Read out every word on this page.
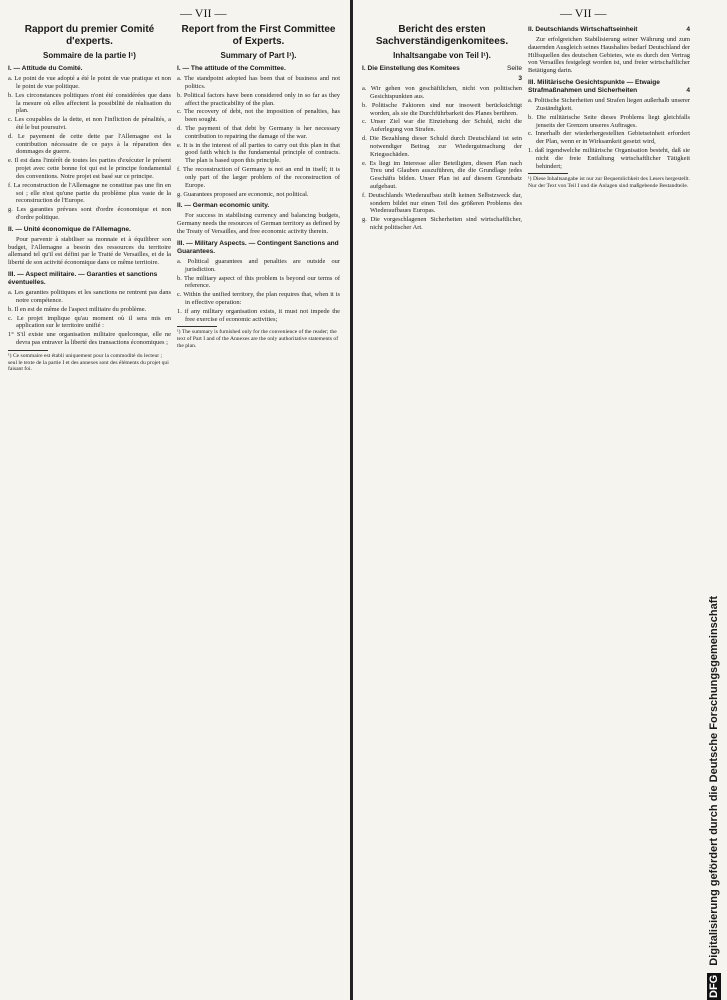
— VII —	— VII —
Rapport du premier Comité d'experts.
Sommaire de la partie I¹)
I. — Attitude du Comité.

a. Le point de vue adopté a été le point de vue pratique et non le point de vue politique.

b. Les circonstances politiques n'ont été considérées que dans la mesure où elles affectent la possibilité de réalisation du plan.

c. Les coupables de la dette, et non l'infliction de pénalités, a été le but poursuivi.

d. Le payement de cette dette par l'Allemagne est la contribution nécessaire de ce pays à la réparation des dommages de guerre.

e. Il est dans l'intérêt de toutes les parties d'exécuter le présent projet avec cette bonne foi qui est le principe fondamental des conventions. Notre projet est basé sur ce principe.

f. La reconstruction de l'Allemagne ne constitue pas une fin en soi ; elle n'est qu'une partie du problème plus vaste de la reconstruction de l'Europe.

g. Les garanties prévues sont d'ordre économique et non d'ordre politique.

II. — Unité économique de l'Allemagne.

Pour parvenir à stabiliser sa monnaie et à équilibrer son budget, l'Allemagne a besoin des ressources du territoire allemand tel qu'il est défini par le Traité de Versailles, et de la liberté de son activité économique dans ce même territoire.

III. — Aspect militaire. — Garanties et sanctions éventuelles.

a. Les garanties politiques et les sanctions ne rentrent pas dans notre compétence.

b. Il en est de même de l'aspect militaire du problème.

c. Le projet implique qu'au moment où il sera mis en application sur le territoire unifié :

1° S'il existe une organisation militaire quelconque, elle ne devra pas entraver la liberté des transactions économiques ;

¹) Ce sommaire est établi uniquement pour la commodité du lecteur ; seul le texte de la partie I et des annexes sont des éléments du projet qui faisant foi.

Report from the First Committee of Experts.
Summary of Part I¹).
I. — The attitude of the Committee.

a. The standpoint adopted has been that of business and not politics.

b. Political factors have been considered only in so far as they affect the practicability of the plan.

c. The recovery of debt, not the imposition of penalties, has been sought.

d. The payment of that debt by Germany is her necessary contribution to repairing the damage of the war.

e. It is in the interest of all parties to carry out this plan in that good faith which is the fundamental principle of contracts. The plan is based upon this principle.

f. The reconstruction of Germany is not an end in itself; it is only part of the larger problem of the reconstruction of Europe.

g. Guarantees proposed are economic, not political.

II. — German economic unity.

For success in stabilising currency and balancing budgets, Germany needs the resources of German territory as defined by the Treaty of Versailles, and free economic activity therein.

III. — Military Aspects. — Contingent Sanctions and Guarantees.

a. Political guarantees and penalties are outside our jurisdiction.

b. The military aspect of this problem is beyond our terms of reference.

c. Within the unified territory, the plan requires that, when it is in effective operation:

1. if any military organisation exists, it must not impede the free exercise of economic activities;

¹) The summary is furnished only for the convenience of the reader; the text of Part I and of the Annexes are the only authoritative statements of the plan.

Bericht des ersten Sachverständigenkomitees.
Inhaltsangabe von Teil I¹).
I. Die Einstellung des Komitees	Seite
3

a. Wir gehen von geschäftlichen, nicht von politischen Gesichtspunkten aus.

b. Politische Faktoren sind nur insoweit berücksichtigt worden, als sie die Durchführbarkeit des Planes berühren.

c. Unser Ziel war die Einziehung der Schuld, nicht die Auferlegung von Strafen.

d. Die Bezahlung dieser Schuld durch Deutschland ist sein notwendiger Beitrag zur Wiedergutmachung der Kriegsschäden.

e. Es liegt im Interesse aller Beteiligten, diesen Plan nach Treu und Glauben auszuführen, die die Grundlage jedes Geschäfts bilden. Unser Plan ist auf diesem Grundsatz aufgebaut.

f. Deutschlands Wiederaufbau stellt keinen Selbstzweck dar, sondern bildet nur einen Teil des größeren Problems des Wiederaufbaues Europas.

g. Die vorgeschlagenen Sicherheiten sind wirtschaftlicher, nicht politischer Art.

II. Deutschlands Wirtschaftseinheit	4

Zur erfolgreichen Stabilisierung seiner Währung und zum dauernden Ausgleich seines Haushaltes bedarf Deutschland der Hilfsquellen des deutschen Gebietes, wie es durch den Vertrag von Versailles festgelegt worden ist, und freier wirtschaftlicher Betätigung darin.

III. Militärische Gesichtspunkte — Etwaige Strafmaßnahmen und Sicherheiten	4

a. Politische Sicherheiten und Strafen liegen außerhalb unserer Zuständigkeit.

b. Die militärische Seite dieses Problems liegt gleichfalls jenseits der Grenzen unseres Auftrages.

c. Innerhalb der wiederhergestellten Gebietseinheit erfordert der Plan, wenn er in Wirksamkeit gesetzt wird,

1. daß irgendwelche militärische Organisation besteht, daß sie nicht die freie Entfaltung wirtschaftlicher Tätigkeit behindert;

¹) Diese Inhaltsangabe ist nur zur Bequemlichkeit des Lesers hergestellt. Nur der Text von Teil I und die Anlagen sind maßgebende Bestandteile.

DFG Digitalisierung gefördert durch die Deutsche Forschungsgemeinschaft
